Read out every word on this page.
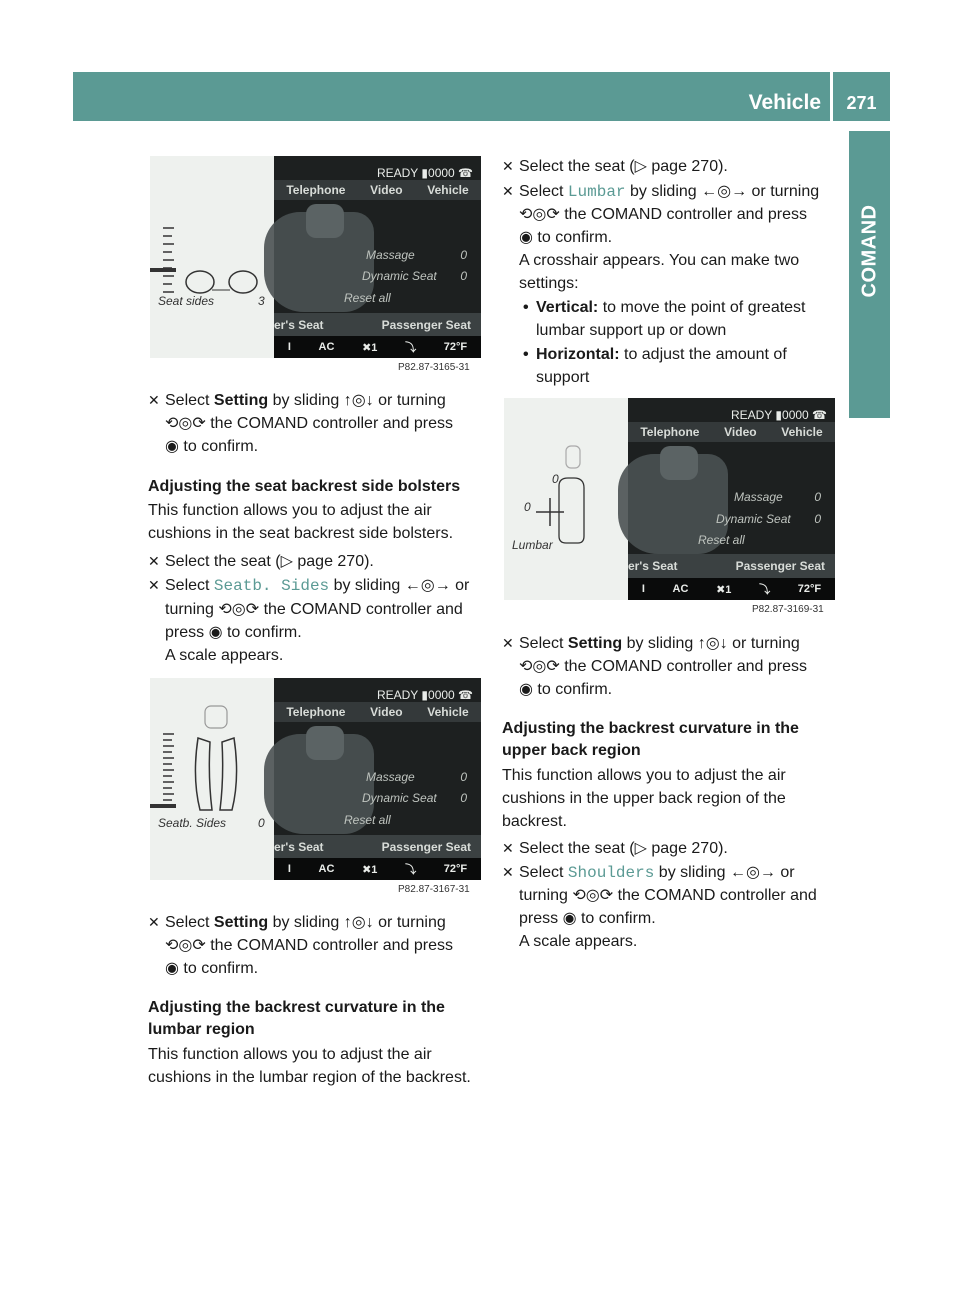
Vehicle	271
COMAND
Seat sides	3
READY ▮0000 ☎
Telephone Video Vehicle
Massage	0
Dynamic Seat 0
Reset all
er's Seat	Passenger Seat
I	AC	✖1	⤵	72°F
P82.87-3165-31
✕ Select Setting by sliding ↑◎↓ or turning
⟲◎⟳ the COMAND controller and press
◉ to confirm.
Adjusting the seat backrest side bolsters
This function allows you to adjust the air
cushions in the seat backrest side bolsters.
✕ Select the seat (▷ page 270).
✕ Select Seatb. Sides by sliding ←◎→ or
turning ⟲◎⟳ the COMAND controller and
press ◉ to confirm.
A scale appears.
Seatb. Sides	0
READY ▮0000 ☎
Telephone Video Vehicle
Massage	0
Dynamic Seat 0
Reset all
er's Seat	Passenger Seat
I	AC	✖1	⤵	72°F
P82.87-3167-31
✕ Select Setting by sliding ↑◎↓ or turning
⟲◎⟳ the COMAND controller and press
◉ to confirm.
Adjusting the backrest curvature in the
lumbar region
This function allows you to adjust the air
cushions in the lumbar region of the backrest.
✕ Select the seat (▷ page 270).
✕ Select Lumbar by sliding ←◎→ or turning
⟲◎⟳ the COMAND controller and press
◉ to confirm.
A crosshair appears. You can make two
settings:
• Vertical: to move the point of greatest
lumbar support up or down
• Horizontal: to adjust the amount of
support
0
0
Lumbar
READY ▮0000 ☎
Telephone Video Vehicle
Massage	0
Dynamic Seat 0
Reset all
er's Seat	Passenger Seat
I	AC	✖1	⤵	72°F
P82.87-3169-31
✕ Select Setting by sliding ↑◎↓ or turning
⟲◎⟳ the COMAND controller and press
◉ to confirm.
Adjusting the backrest curvature in the
upper back region
This function allows you to adjust the air
cushions in the upper back region of the
backrest.
✕ Select the seat (▷ page 270).
✕ Select Shoulders by sliding ←◎→ or
turning ⟲◎⟳ the COMAND controller and
press ◉ to confirm.
A scale appears.
